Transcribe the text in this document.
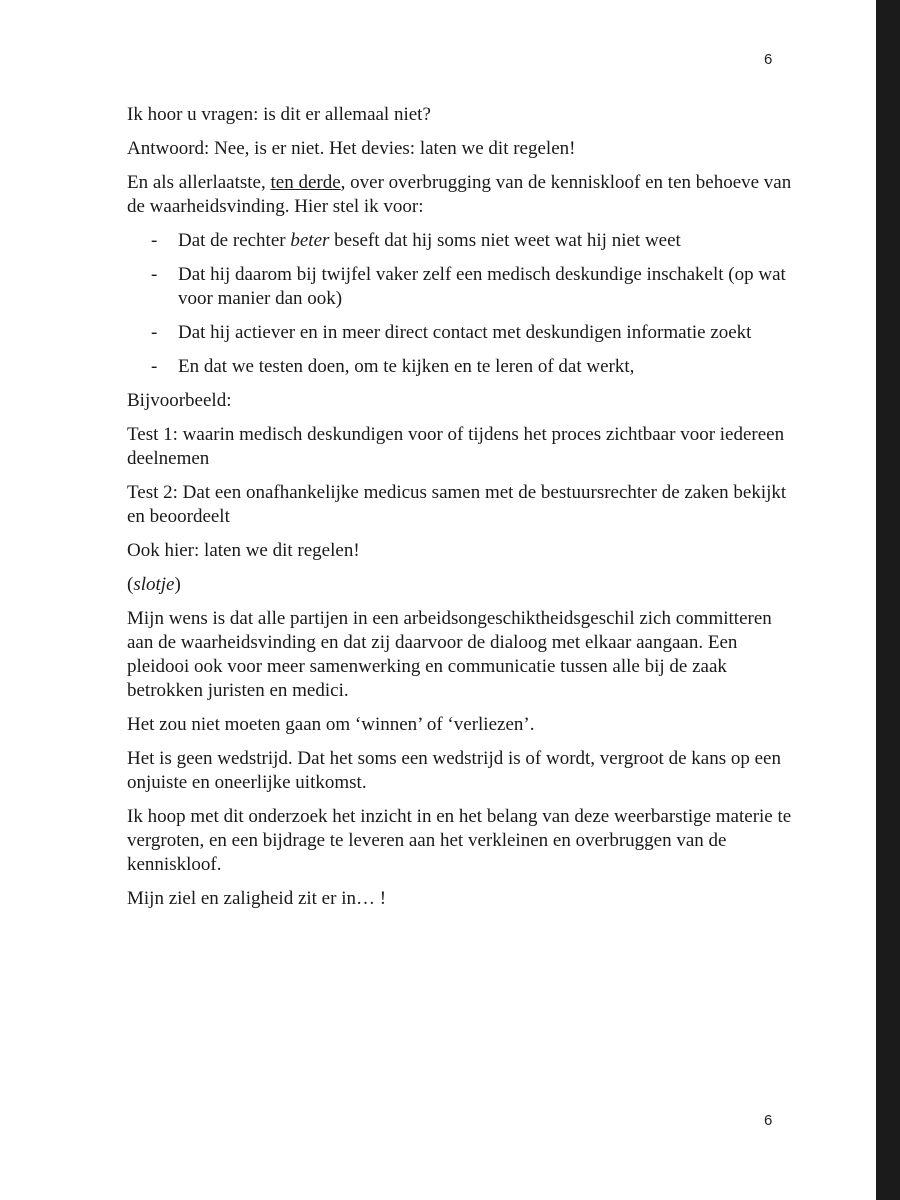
6

Ik hoor u vragen: is dit er allemaal niet?

Antwoord: Nee, is er niet. Het devies: laten we dit regelen!

En als allerlaatste, ten derde, over overbrugging van de kenniskloof en ten behoeve van de waarheidsvinding. Hier stel ik voor:

- Dat de rechter beter beseft dat hij soms niet weet wat hij niet weet
- Dat hij daarom bij twijfel vaker zelf een medisch deskundige inschakelt (op wat voor manier dan ook)
- Dat hij actiever en in meer direct contact met deskundigen informatie zoekt
- En dat we testen doen, om te kijken en te leren of dat werkt,

Bijvoorbeeld:

Test 1: waarin medisch deskundigen voor of tijdens het proces zichtbaar voor iedereen deelnemen

Test 2: Dat een onafhankelijke medicus samen met de bestuursrechter de zaken bekijkt en beoordeelt

Ook hier: laten we dit regelen!

(slotje)

Mijn wens is dat alle partijen in een arbeidsongeschiktheidsgeschil zich committeren aan de waarheidsvinding en dat zij daarvoor de dialoog met elkaar aangaan. Een pleidooi ook voor meer samenwerking en communicatie tussen alle bij de zaak betrokken juristen en medici.

Het zou niet moeten gaan om ‘winnen’ of ‘verliezen’.

Het is geen wedstrijd. Dat het soms een wedstrijd is of wordt, vergroot de kans op een onjuiste en oneerlijke uitkomst.

Ik hoop met dit onderzoek het inzicht in en het belang van deze weerbarstige materie te vergroten, en een bijdrage te leveren aan het verkleinen en overbruggen van de kenniskloof.

Mijn ziel en zaligheid zit er in… !

6
